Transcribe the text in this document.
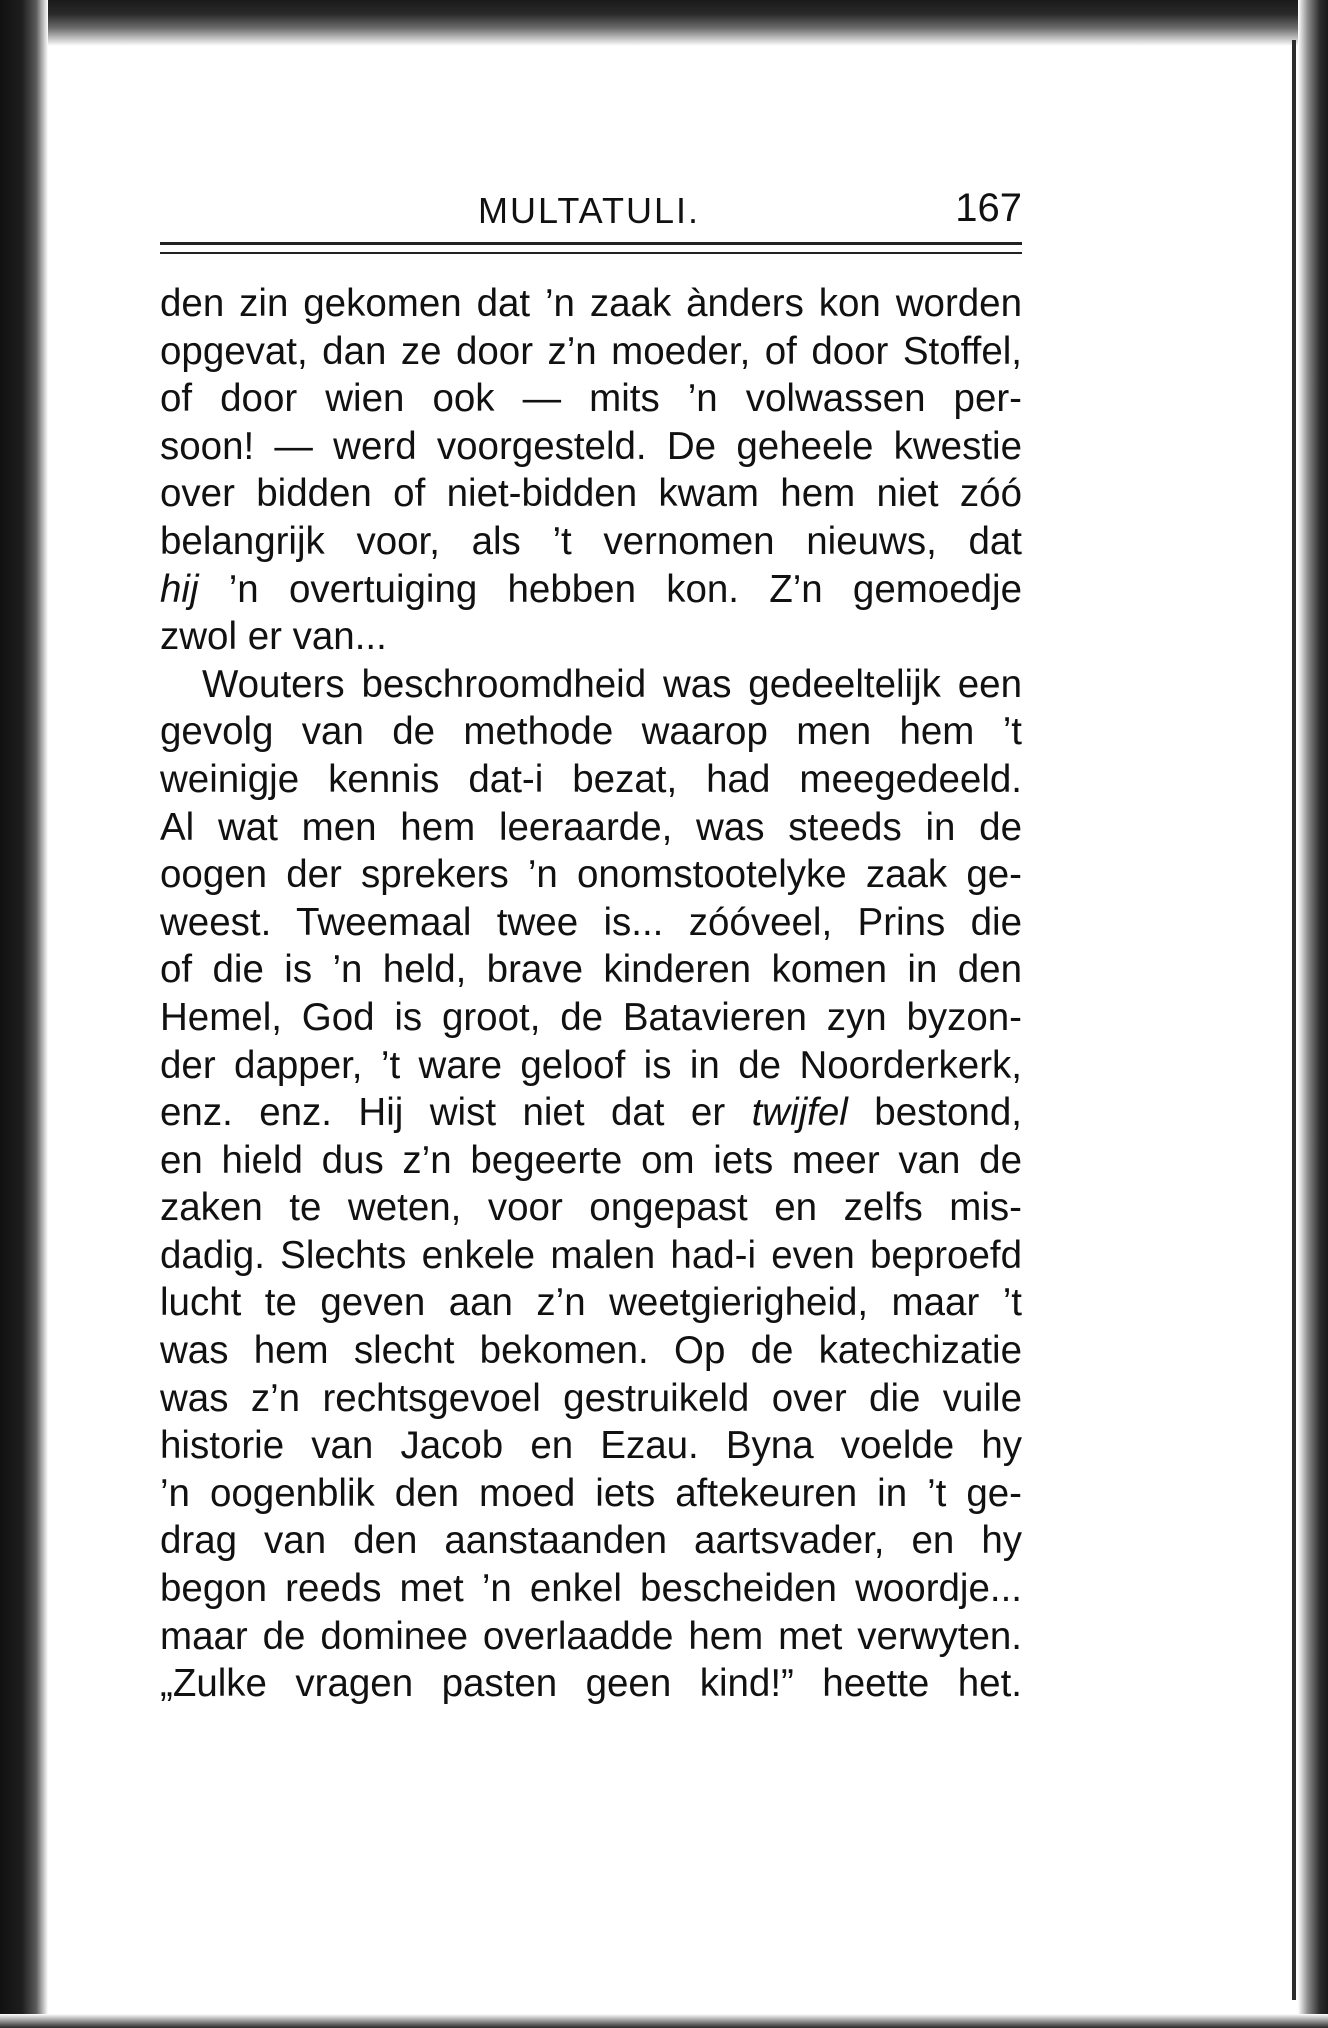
MULTATULI.	167
den zin gekomen dat ’n zaak ànders kon worden
opgevat, dan ze door z’n moeder, of door Stoffel,
of door wien ook — mits ’n volwassen per-
soon! — werd voorgesteld. De geheele kwestie
over bidden of niet-bidden kwam hem niet zóó
belangrijk voor, als ’t vernomen nieuws, dat
hij ’n overtuiging hebben kon. Z’n gemoedje
zwol er van...
Wouters beschroomdheid was gedeeltelijk een
gevolg van de methode waarop men hem ’t
weinigje kennis dat-i bezat, had meegedeeld.
Al wat men hem leeraarde, was steeds in de
oogen der sprekers ’n onomstootelyke zaak ge-
weest. Tweemaal twee is... zóóveel, Prins die
of die is ’n held, brave kinderen komen in den
Hemel, God is groot, de Batavieren zyn byzon-
der dapper, ’t ware geloof is in de Noorderkerk,
enz. enz. Hij wist niet dat er twijfel bestond,
en hield dus z’n begeerte om iets meer van de
zaken te weten, voor ongepast en zelfs mis-
dadig. Slechts enkele malen had-i even beproefd
lucht te geven aan z’n weetgierigheid, maar ’t
was hem slecht bekomen. Op de katechizatie
was z’n rechtsgevoel gestruikeld over die vuile
historie van Jacob en Ezau. Byna voelde hy
’n oogenblik den moed iets aftekeuren in ’t ge-
drag van den aanstaanden aartsvader, en hy
begon reeds met ’n enkel bescheiden woordje...
maar de dominee overlaadde hem met verwyten.
„Zulke vragen pasten geen kind!” heette het.
